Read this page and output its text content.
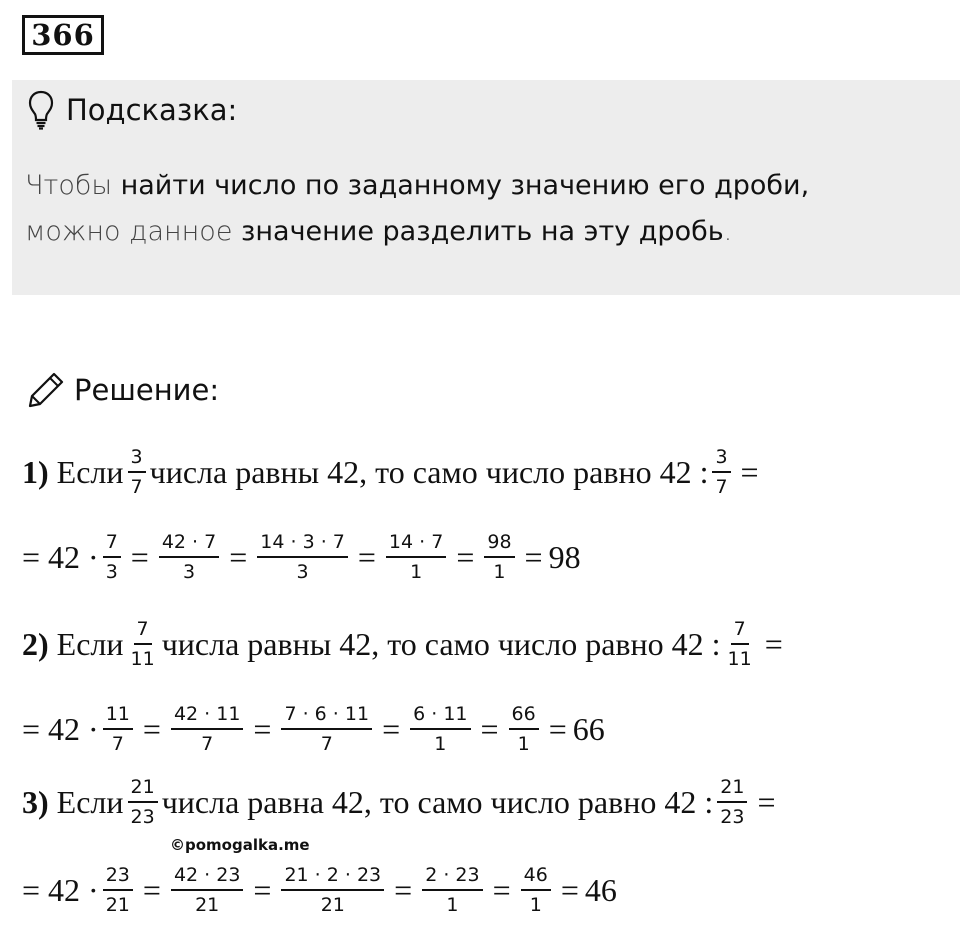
366
Подсказка:
Чтобы найти число по заданному значению его дроби,
можно данное значение разделить на эту дробь.
Решение:
1) Если $\frac{3}{7}$ числа равны 42, то само число равно 42 : $\frac{3}{7}$ =
= $42 \cdot \frac{7}{3} = \frac{42 \cdot 7}{3} = \frac{14 \cdot 3 \cdot 7}{3} = \frac{14 \cdot 7}{1} = \frac{98}{1} = 98$
2) Если $\frac{7}{11}$ числа равны 42, то само число равно 42 : $\frac{7}{11}$ =
= $42 \cdot \frac{11}{7} = \frac{42 \cdot 11}{7} = \frac{7 \cdot 6 \cdot 11}{7} = \frac{6 \cdot 11}{1} = \frac{66}{1} = 66$
3) Если $\frac{21}{23}$ числа равна 42, то само число равно 42 : $\frac{21}{23}$ =
©pomogalka.me
= $42 \cdot \frac{23}{21} = \frac{42 \cdot 23}{21} = \frac{21 \cdot 2 \cdot 23}{21} = \frac{2 \cdot 23}{1} = \frac{46}{1} = 46$
